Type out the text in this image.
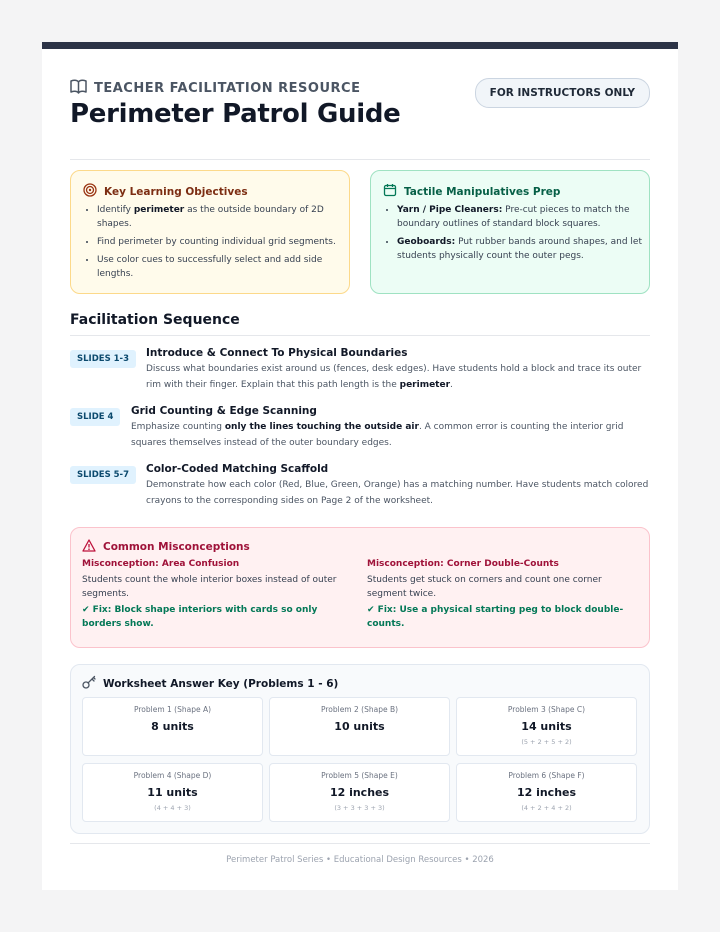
TEACHER FACILITATION RESOURCE
Perimeter Patrol Guide
FOR INSTRUCTORS ONLY
Key Learning Objectives
• Identify perimeter as the outside boundary of 2D shapes.
• Find perimeter by counting individual grid segments.
• Use color cues to successfully select and add side lengths.
Tactile Manipulatives Prep
• Yarn / Pipe Cleaners: Pre-cut pieces to match the boundary outlines of standard block squares.
• Geoboards: Put rubber bands around shapes, and let students physically count the outer pegs.
Facilitation Sequence
SLIDES 1-3	Introduce & Connect To Physical Boundaries
Discuss what boundaries exist around us (fences, desk edges). Have students hold a block and trace its outer rim with their finger. Explain that this path length is the perimeter.
SLIDE 4	Grid Counting & Edge Scanning
Emphasize counting only the lines touching the outside air. A common error is counting the interior grid squares themselves instead of the outer boundary edges.
SLIDES 5-7	Color-Coded Matching Scaffold
Demonstrate how each color (Red, Blue, Green, Orange) has a matching number. Have students match colored crayons to the corresponding sides on Page 2 of the worksheet.
Common Misconceptions
Misconception: Area Confusion
Students count the whole interior boxes instead of outer segments.
✔ Fix: Block shape interiors with cards so only borders show.
Misconception: Corner Double-Counts
Students get stuck on corners and count one corner segment twice.
✔ Fix: Use a physical starting peg to block double-counts.
Worksheet Answer Key (Problems 1 - 6)
Problem 1 (Shape A)
8 units
Problem 2 (Shape B)
10 units
Problem 3 (Shape C)
14 units
(5 + 2 + 5 + 2)
Problem 4 (Shape D)
11 units
(4 + 4 + 3)
Problem 5 (Shape E)
12 inches
(3 + 3 + 3 + 3)
Problem 6 (Shape F)
12 inches
(4 + 2 + 4 + 2)
Perimeter Patrol Series • Educational Design Resources • 2026
